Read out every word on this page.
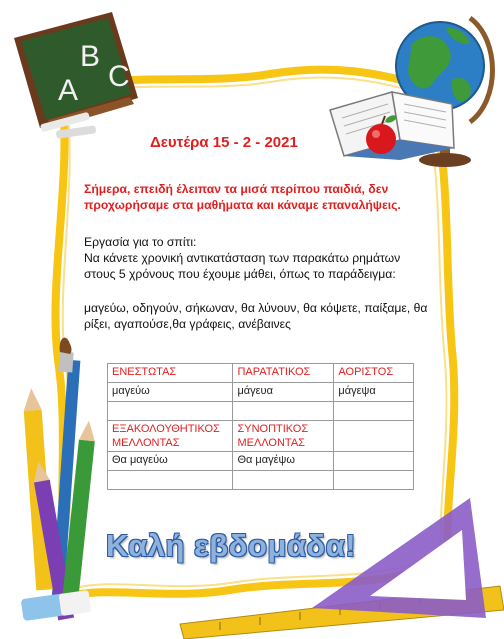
A
B
C
Δευτέρα 15 - 2 - 2021
Σήμερα, επειδή έλειπαν τα μισά περίπου παιδιά, δεν προχωρήσαμε στα μαθήματα και κάναμε επαναλήψεις.
Εργασία για το σπίτι:
Να κάνετε χρονική αντικατάσταση των παρακάτω ρημάτων στους 5 χρόνους που έχουμε μάθει, όπως το παράδειγμα:
μαγεύω, οδηγούν, σήκωναν, θα λύνουν, θα κόψετε, παίξαμε, θα ρίξει, αγαπούσε,θα γράφεις, ανέβαινες
ΕΝΕΣΤΩΤΑΣ	ΠΑΡΑΤΑΤΙΚΟΣ	ΑΟΡΙΣΤΟΣ
μαγεύω	μάγευα	μάγεψα

ΕΞΑΚΟΛΟΥΘΗΤΙΚΟΣ ΜΕΛΛΟΝΤΑΣ	ΣΥΝΟΠΤΙΚΟΣ ΜΕΛΛΟΝΤΑΣ	
Θα μαγεύω	Θα μαγέψω	

Καλή εβδομάδα!
